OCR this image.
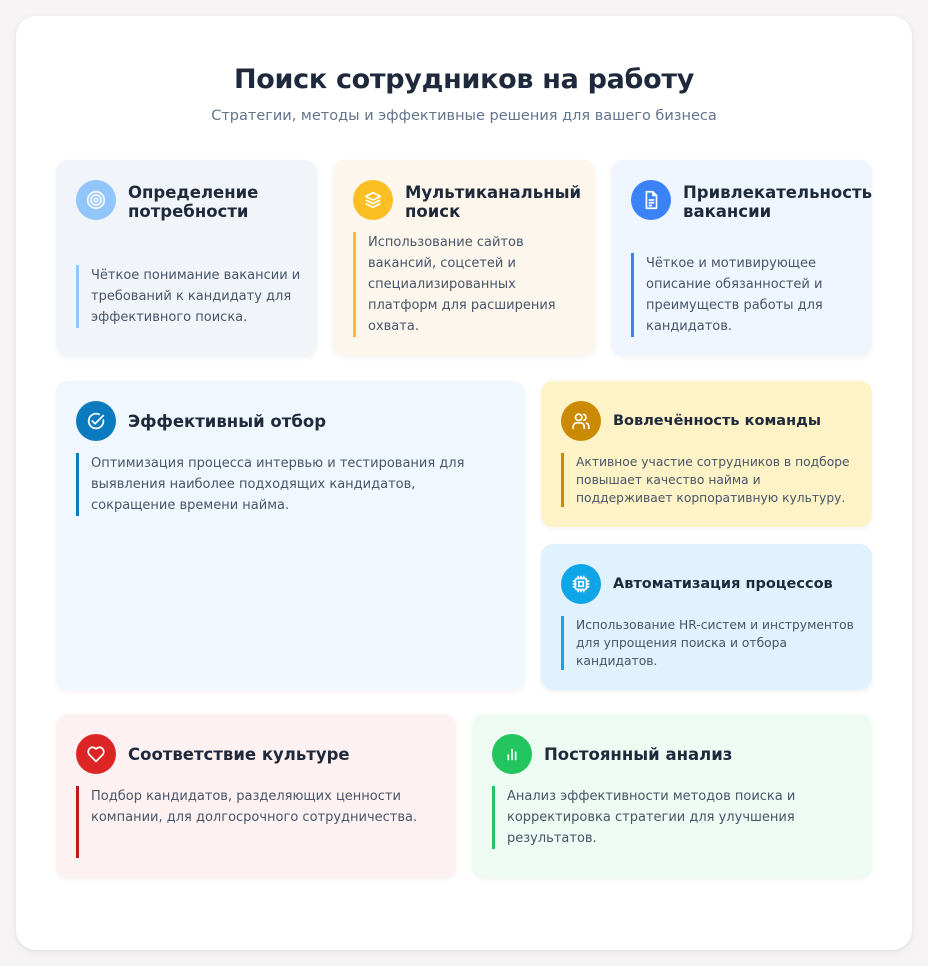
Поиск сотрудников на работу
Стратегии, методы и эффективные решения для вашего бизнеса
Определение потребности
Чёткое понимание вакансии и требований к кандидату для эффективного поиска.
Мультиканальный поиск
Использование сайтов вакансий, соцсетей и специализированных платформ для расширения охвата.
Привлекательность вакансии
Чёткое и мотивирующее описание обязанностей и преимуществ работы для кандидатов.
Эффективный отбор
Оптимизация процесса интервью и тестирования для выявления наиболее подходящих кандидатов, сокращение времени найма.
Вовлечённость команды
Активное участие сотрудников в подборе повышает качество найма и поддерживает корпоративную культуру.
Автоматизация процессов
Использование HR-систем и инструментов для упрощения поиска и отбора кандидатов.
Соответствие культуре
Подбор кандидатов, разделяющих ценности компании, для долгосрочного сотрудничества.
Постоянный анализ
Анализ эффективности методов поиска и корректировка стратегии для улучшения результатов.
